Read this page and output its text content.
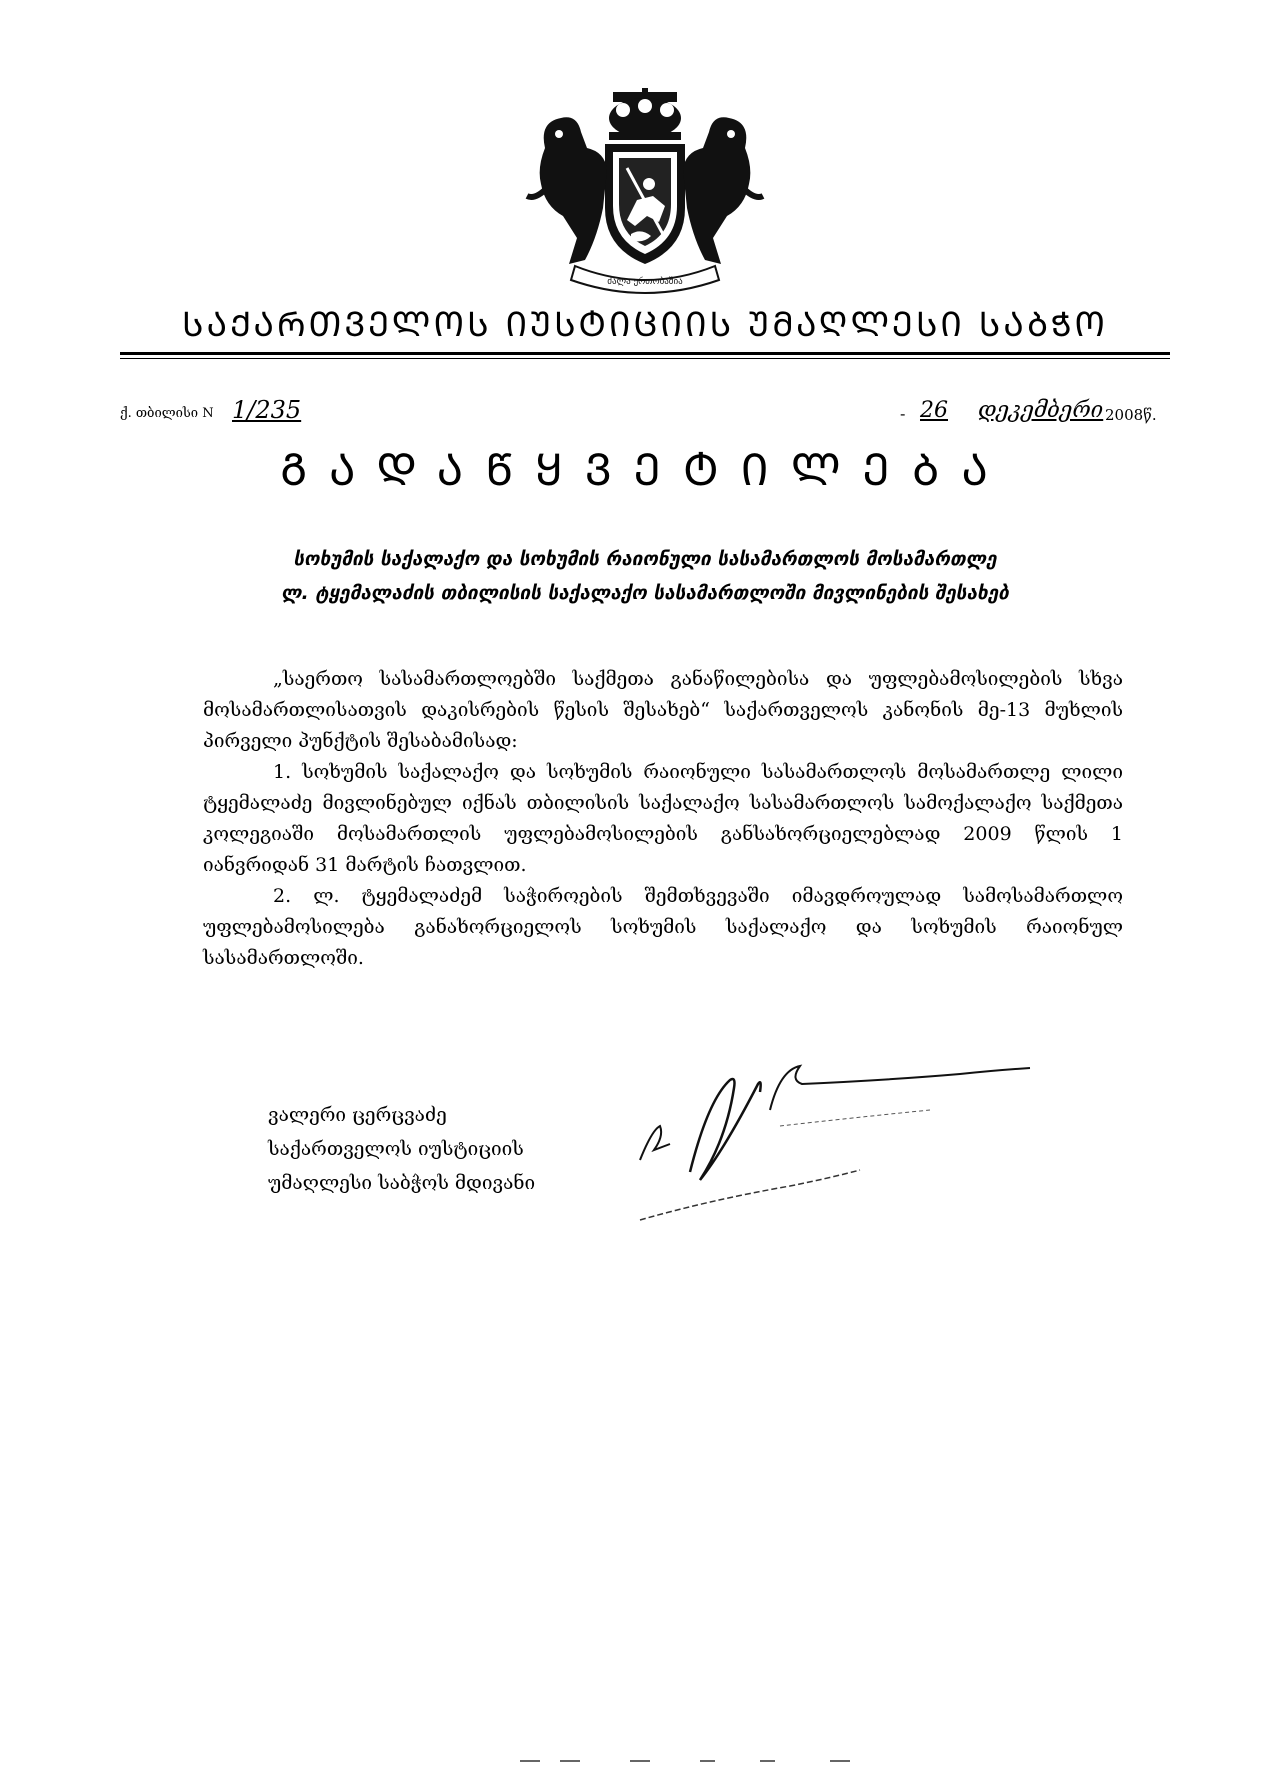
ძალა ერთობაშია
ᲡᲐᲥᲐᲠᲗᲕᲔᲚᲝᲡ ᲘᲣᲡᲢᲘᲪᲘᲘᲡ ᲣᲛᲐᲦᲚᲔᲡᲘ ᲡᲐᲑᲭᲝ
ქ. თბილისი N 1/235	- 26 დეკემბერი 2008წ.
ᲒᲐᲓᲐᲬᲧᲕᲔᲢᲘᲚᲔᲑᲐ
სოხუმის საქალაქო და სოხუმის რაიონული სასამართლოს მოსამართლე
ლ. ტყემალაძის თბილისის საქალაქო სასამართლოში მივლინების შესახებ

„საერთო სასამართლოებში საქმეთა განაწილებისა და უფლებამოსილების სხვა მოსამართლისათვის დაკისრების წესის შესახებ“ საქართველოს კანონის მე-13 მუხლის პირველი პუნქტის შესაბამისად:

1. სოხუმის საქალაქო და სოხუმის რაიონული სასამართლოს მოსამართლე ლილი ტყემალაძე მივლინებულ იქნას თბილისის საქალაქო სასამართლოს სამოქალაქო საქმეთა კოლეგიაში მოსამართლის უფლებამოსილების განსახორციელებლად 2009 წლის 1 იანვრიდან 31 მარტის ჩათვლით.

2. ლ. ტყემალაძემ საჭიროების შემთხვევაში იმავდროულად სამოსამართლო უფლებამოსილება განახორციელოს სოხუმის საქალაქო და სოხუმის რაიონულ სასამართლოში.

ვალერი ცერცვაძე
საქართველოს იუსტიციის
უმაღლესი საბჭოს მდივანი
